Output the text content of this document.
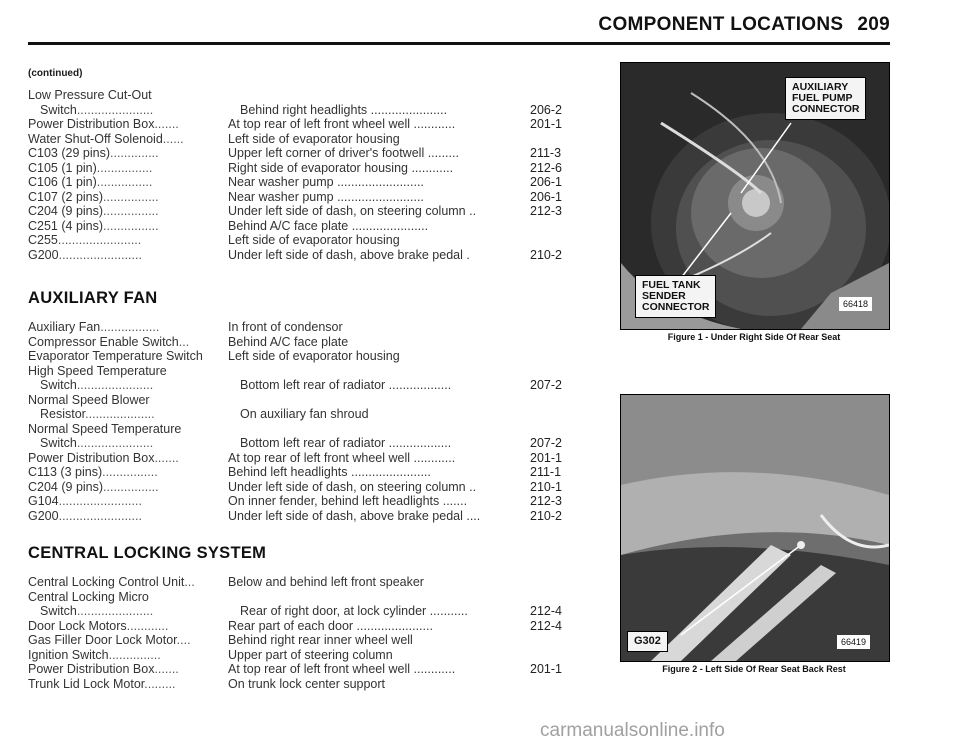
COMPONENT LOCATIONS 209
(continued)
Low Pressure Cut-Out
Switch......................	Behind right headlights ......................	206-2
Power Distribution Box.......	At top rear of left front wheel well ............	201-1
Water Shut-Off Solenoid......	Left side of evaporator housing
C103 (29 pins)..............	Upper left corner of driver's footwell .........	211-3
C105 (1 pin)................	Right side of evaporator housing ............	212-6
C106 (1 pin)................	Near washer pump .........................	206-1
C107 (2 pins)................	Near washer pump .........................	206-1
C204 (9 pins)................	Under left side of dash, on steering column ..	212-3
C251 (4 pins)................	Behind A/C face plate ......................
C255........................	Left side of evaporator housing
G200........................	Under left side of dash, above brake pedal .	210-2
AUXILIARY FAN
Auxiliary Fan.................	In front of condensor
Compressor Enable Switch...	Behind A/C face plate
Evaporator Temperature Switch	Left side of evaporator housing
High Speed Temperature
Switch......................	Bottom left rear of radiator ..................	207-2
Normal Speed Blower
Resistor....................	On auxiliary fan shroud
Normal Speed Temperature
Switch......................	Bottom left rear of radiator ..................	207-2
Power Distribution Box.......	At top rear of left front wheel well ............	201-1
C113 (3 pins)................	Behind left headlights .......................	211-1
C204 (9 pins)................	Under left side of dash, on steering column ..	210-1
G104........................	On inner fender, behind left headlights .......	212-3
G200........................	Under left side of dash, above brake pedal ....	210-2
CENTRAL LOCKING SYSTEM
Central Locking Control Unit...	Below and behind left front speaker
Central Locking Micro
Switch......................	Rear of right door, at lock cylinder ...........	212-4
Door Lock Motors............	Rear part of each door ......................	212-4
Gas Filler Door Lock Motor....	Behind right rear inner wheel well
Ignition Switch...............	Upper part of steering column
Power Distribution Box.......	At top rear of left front wheel well ............	201-1
Trunk Lid Lock Motor.........	On trunk lock center support
AUXILIARY
FUEL PUMP
CONNECTOR
FUEL TANK
SENDER
CONNECTOR	66418
Figure 1 - Under Right Side Of Rear Seat
G302	66419
Figure 2 - Left Side Of Rear Seat Back Rest
carmanualsonline.info
